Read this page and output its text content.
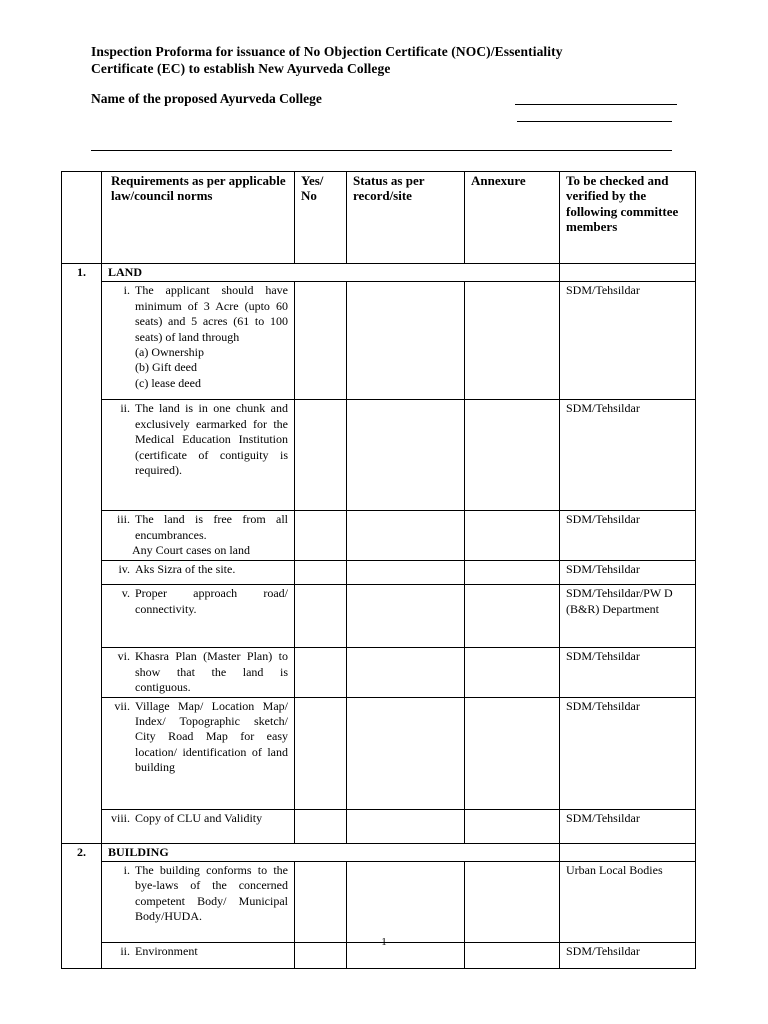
Inspection Proforma for issuance of No Objection Certificate (NOC)/Essentiality
Certificate (EC) to establish New Ayurveda College
Name of the proposed Ayurveda College
	Requirements as per applicable law/council norms	Yes/ No	Status as per record/site	Annexure	To be checked and verified by the following committee members
1.	LAND				

	i. The applicant should have minimum of 3 Acre (upto 60 seats) and 5 acres (61 to 100 seats) of land through
(a) Ownership
(b) Gift deed
(c) lease deed				SDM/Tehsildar

	ii. The land is in one chunk and exclusively earmarked for the Medical Education Institution (certificate of contiguity is required).				SDM/Tehsildar

	iii. The land is free from all encumbrances.
Any Court cases on land				SDM/Tehsildar

	iv. Aks Sizra of the site.				SDM/Tehsildar

	v. Proper approach road/ connectivity.				SDM/Tehsildar/PW D (B&R) Department

	vi. Khasra Plan (Master Plan) to show that the land is contiguous.				SDM/Tehsildar

	vii. Village Map/ Location Map/ Index/ Topographic sketch/ City Road Map for easy location/ identification of land building				SDM/Tehsildar

	viii. Copy of CLU and Validity				SDM/Tehsildar
2.	BUILDING				

	i. The building conforms to the bye-laws of the concerned competent Body/ Municipal Body/HUDA.				Urban Local Bodies

	ii. Environment				SDM/Tehsildar
1
